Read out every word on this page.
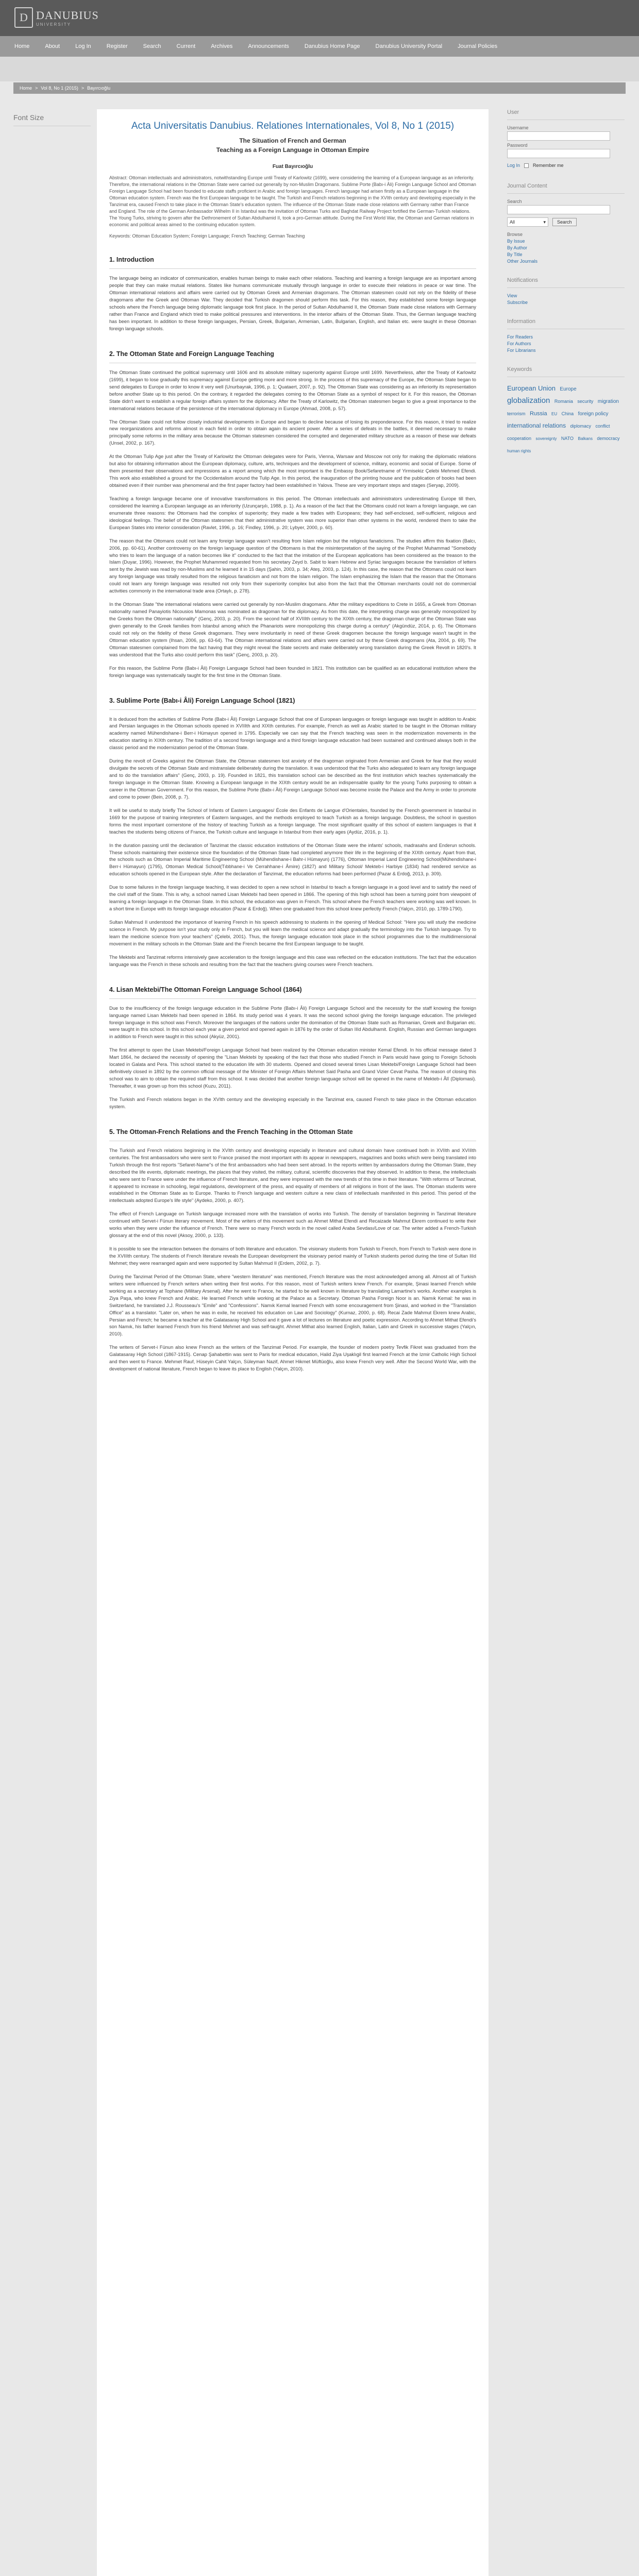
D DANUBIUS
UNIVERSITY
Home	About	Log In	Register	Search	Current	Archives	Announcements	Danubius Home Page	Danubius University Portal	Journal Policies
Home > Vol 8, No 1 (2015) > Bayırcıoğlu
Font Size
Acta Universitatis Danubius. Relationes Internationales, Vol 8, No 1 (2015)
The Situation of French and German
Teaching as a Foreign Language in Ottoman Empire
Fuat Bayırcıoğlu
Abstract: Ottoman intellectuals and administrators, notwithstanding Europe until Treaty of Karlowitz (1699), were considering the learning of a European language as an inferiority. Therefore, the international relations in the Ottoman State were carried out generally by non-Muslim Dragomans. Sublime Porte (Babı-i Âli) Foreign Language School and Ottoman Foreign Language School had been founded to educate staffs proficient in Arabic and foreign languages. French language had arisen firstly as a European language in the Ottoman education system. French was the first European language to be taught. The Turkish and French relations beginning in the XVIth century and developing especially in the Tanzimat era, caused French to take place in the Ottoman State's education system. The influence of the Ottoman State made close relations with Germany rather than France and England. The role of the German Ambassador Wilhelm II in Istanbul was the invitation of Ottoman Turks and Baghdat Railway Project fortified the German-Turkish relations. The Young Turks, striving to govern after the Dethronement of Sultan Abdulhamid II, took a pro-German attitude. During the First World War, the Ottoman and German relations in economic and political areas aimed to the continuing education system.
Keywords: Ottoman Education System; Foreign Language; French Teaching; German Teaching
1. Introduction

The language being an indicator of communication, enables human beings to make each other relations. Teaching and learning a foreign language are as important among people that they can make mutual relations. States like humans communicate mutually through language in order to execute their relations in peace or war time. The Ottoman international relations and affairs were carried out by Ottoman Greek and Armenian dragomans. The Ottoman statesmen could not rely on the fidelity of these dragomans after the Greek and Ottoman War. They decided that Turkish dragomen should perform this task. For this reason, they established some foreign language schools where the French language being diplomatic language took first place. In the period of Sultan Abdulhamid II, the Ottoman State made close relations with Germany rather than France and England which tried to make political pressures and interventions. In the interior affairs of the Ottoman State. Thus, the German language teaching has been important. In addition to these foreign languages, Persian, Greek, Bulgarian, Armenian, Latin, Bulgarian, English, and Italian etc. were taught in these Ottoman foreign language schools.

2. The Ottoman State and Foreign Language Teaching

The Ottoman State continued the political supremacy until 1606 and its absolute military superiority against Europe until 1699. Nevertheless, after the Treaty of Karlowitz (1699), it began to lose gradually this supremacy against Europe getting more and more strong. In the process of this supremacy of the Europe, the Ottoman State began to send delegates to Europe in order to know it very well (Unurbayrak, 1996, p. 1; Quataert, 2007, p. 92). The Ottoman State was considering as an inferiority its representation before another State up to this period. On the contrary, it regarded the delegates coming to the Ottoman State as a symbol of respect for it. For this reason, the Ottoman State didn't want to establish a regular foreign affairs system for the diplomacy. After the Treaty of Karlowitz, the Ottoman statesmen began to give a great importance to the international relations because of the persistence of the international diplomacy in Europe (Ahmad, 2008, p. 57).

The Ottoman State could not follow closely industrial developments in Europe and began to decline because of losing its preponderance. For this reason, it tried to realize new reorganizations and reforms almost in each field in order to obtain again its ancient power. After a series of defeats in the battles, it deemed necessary to make principally some reforms in the military area because the Ottoman statesmen considered the corrupted and degenerated military structure as a reason of these war defeats (Unsel, 2002, p. 167).

At the Ottoman Tulip Age just after the Treaty of Karlowitz the Ottoman delegates were for Paris, Vienna, Warsaw and Moscow not only for making the diplomatic relations but also for obtaining information about the European diplomacy, culture, arts, techniques and the development of science, military, economic and social of Europe. Some of them presented their observations and impressions as a report among which the most important is the Embassy Book/Sefaretname of Yirmisekiz Çelebi Mehmed Efendi. This work also established a ground for the Occidentalism around the Tulip Age. In this period, the inauguration of the printing house and the publication of books had been obtained even if their number was phenomenal and the first paper factory had been established in Yalova. These are very important steps and stages (Seryap, 2009).

Teaching a foreign language became one of innovative transformations in this period. The Ottoman intellectuals and administrators underestimating Europe till then, considered the learning a European language as an inferiority (Uzunçarşılı, 1988, p. 1). As a reason of the fact that the Ottomans could not learn a foreign language, we can enumerate three reasons: the Ottomans had the complex of superiority; they made a few trades with Europeans; they had self-enclosed, self-sufficient, religious and ideological feelings. The belief of the Ottoman statesmen that their administrative system was more superior than other systems in the world, rendered them to take the European States into interior consideration (Ravlet, 1996, p. 16; Findley, 1996, p. 20; Lybyer, 2000, p. 60).

The reason that the Ottomans could not learn any foreign language wasn't resulting from Islam religion but the religious fanaticisms. The studies affirm this fixation (Balcı, 2006, pp. 60-61). Another controversy on the foreign language question of the Ottomans is that the misinterpretation of the saying of the Prophet Muhammad "Somebody who tries to learn the language of a nation becomes like it" conducted to the fact that the imitation of the European applications has been considered as the treason to the Islam (Duyar, 1996). However, the Prophet Muhammed requested from his secretary Zeyd b. Sabit to learn Hebrew and Syriac languages because the translation of letters sent by the Jewish was read by non-Muslims and he learned it in 15 days (Şahin, 2003, p. 34; Ateş, 2003, p. 124). In this case, the reason that the Ottomans could not learn any foreign language was totally resulted from the religious fanaticism and not from the Islam religion. The Islam emphasizing the Islam that the reason that the Ottomans could not learn any foreign language was resulted not only from their superiority complex but also from the fact that the Ottoman merchants could not do commercial activities commonly in the international trade area (Ortaylı, p. 278).

In the Ottoman State "the international relations were carried out generally by non-Muslim dragomans. After the military expeditions to Crete in 1655, a Greek from Ottoman nationality named Panayiotis Nicousios Mamonas was nominated as dragoman for the diplomacy. As from this date, the interpreting charge was generally monopolized by the Greeks from the Ottoman nationality" (Genç, 2003, p. 20). From the second half of XVIIIth century to the XIXth century, the dragoman charge of the Ottoman State was given generally to the Greek families from Istanbul among which the Phanariots were monopolizing this charge during a century" (Akgündüz, 2014, p. 6). The Ottomans could not rely on the fidelity of these Greek dragomans. They were involuntarily in need of these Greek dragomen because the foreign language wasn't taught in the Ottoman education system (Ihsan, 2006, pp. 63-64). The Ottoman international relations and affairs were carried out by these Greek dragomans (Ata, 2004, p. 69). The Ottoman statesmen complained from the fact having that they might reveal the State secrets and make deliberately wrong translation during the Greek Revolt in 1820's. It was understood that the Turks also could perform this task" (Genç, 2003, p. 20).

For this reason, the Sublime Porte (Babı-i Âli) Foreign Language School had been founded in 1821. This institution can be qualified as an educational institution where the foreign language was systematically taught for the first time in the Ottoman State.

3. Sublime Porte (Babı-i Âli) Foreign Language School (1821)

It is deduced from the activities of Sublime Porte (Babı-i Âli) Foreign Language School that one of European languages or foreign language was taught in addition to Arabic and Persian languages in the Ottoman schools opened in XVIIIth and XIXth centuries. For example, French as well as Arabic started to be taught in the Ottoman military academy named Mühendishane-i Berr-i Hümayun opened in 1795. Especially we can say that the French teaching was seen in the modernization movements in the education starting in XIXth century. The tradition of a second foreign language and a third foreign language education had been sustained and continued always both in the classic period and the modernization period of the Ottoman State.

During the revolt of Greeks against the Ottoman State, the Ottoman statesmen lost anxiety of the dragoman originated from Armenian and Greek for fear that they would divulgate the secrets of the Ottoman State and mistranslate deliberately during the translation. It was understood that the Turks also adequated to learn any foreign language and to do the translation affairs" (Genç, 2003, p. 19). Founded in 1821, this translation school can be described as the first institution which teaches systematically the foreign language in the Ottoman State. Knowing a European language in the XIXth century would be an indispensable quality for the young Turks purposing to obtain a career in the Ottoman Government. For this reason, the Sublime Porte (Babı-i Âli) Foreign Language School was become inside the Palace and the Army in order to promote and come to power (Bein, 2008, p. 7).

It will be useful to study briefly The School of Infants of Eastern Languages/ École des Enfants de Langue d'Orientales, founded by the French government in Istanbul in 1669 for the purpose of training interpreters of Eastern languages, and the methods employed to teach Turkish as a foreign language. Doubtless, the school in question forms the most important cornerstone of the history of teaching Turkish as a foreign language. The most significant quality of this school of eastern languages is that it teaches the students being citizens of France, the Turkish culture and language in Istanbul from their early ages (Aydüz, 2016, p. 1).

In the duration passing until the declaration of Tanzimat the classic education institutions of the Ottoman State were the infants' schools, madrasahs and Enderun schools. These schools maintaining their existence since the foundation of the Ottoman State had completed anymore their life in the beginning of the XIXth century. Apart from that, the schools such as Ottoman Imperial Maritime Engineering School (Mühendishane-i Bahr-i Hümayun) (1776), Ottoman Imperial Land Engineering School(Mühendishane-i Berr-i Hümayun) (1795), Ottoman Medical School(Tıbbhane-i Ve Cerrahhane-i Âmire) (1827) and Military School/ Mekteb-i Harbiye (1834) had rendered service as education schools opened in the European style. After the declaration of Tanzimat, the education reforms had been performed (Pazar & Erdoğ, 2013, p. 309).

Due to some failures in the foreign language teaching, it was decided to open a new school in Istanbul to teach a foreign language in a good level and to satisfy the need of the civil staff of the State. This is why, a school named Lisan Mektebi had been opened in 1866. The opening of this high school has been a turning point from viewpoint of learning a foreign language in the Ottoman State. In this school, the education was given in French. This school where the French teachers were working was well known. In a short time in Europe with its foreign language education (Pazar & Erdoğ). When one graduated from this school knew perfectly French (Yalçın, 2010, pp. 1789-1790).

Sultan Mahmud II understood the importance of learning French in his speech addressing to students in the opening of Medical School: "Here you will study the medicine science in French. My purpose isn't your study only in French, but you will learn the medical science and adapt gradually the terminology into the Turkish language. Try to learn the medicine science from your teachers" (Çelebi, 2001). Thus, the foreign language education took place in the school programmes due to the multidimensional movement in the military schools in the Ottoman State and the French became the first European language to be taught.

The Mektebi and Tanzimat reforms intensively gave acceleration to the foreign language and this case was reflected on the education institutions. The fact that the education language was the French in these schools and resulting from the fact that the teachers giving courses were French teachers.

4. Lisan Mektebi/The Ottoman Foreign Language School (1864)

Due to the insufficiency of the foreign language education in the Sublime Porte (Babı-i Âli) Foreign Language School and the necessity for the staff knowing the foreign language named Lisan Mektebi had been opened in 1864. Its study period was 4 years. It was the second school giving the foreign language education. The privileged foreign language in this school was French. Moreover the languages of the nations under the domination of the Ottoman State such as Romanian, Greek and Bulgarian etc. were taught in this school. In this school each year a given period and opened again in 1876 by the order of Sultan IIId Abdulhamit. English, Russian and German languages in addition to French were taught in this school (Akyüz, 2001).

The first attempt to open the Lisan Mektebi/Foreign Language School had been realized by the Ottoman education minister Kemal Efendi. In his official message dated 3 Mart 1864, he declared the necessity of opening the "Lisan Mektebi by speaking of the fact that those who studied French in Paris would have going to Foreign Schools located in Galata and Pera. This school started to the education life with 30 students. Opened and closed several times Lisan Mektebi/Foreign Language School had been definitively closed in 1892 by the common official message of the Minister of Foreign Affairs Mehmet Said Pasha and Grand Vizier Cevat Pasha. The reason of closing this school was to aim to obtain the required staff from this school. It was decided that another foreign language school will be opened in the name of Mekteb-i Âlî (Diplomasi). Thereafter, it was grown up from this school (Kuzu, 2011).

The Turkish and French relations began in the XVIth century and the developing especially in the Tanzimat era, caused French to take place in the Ottoman education system.

5. The Ottoman-French Relations and the French Teaching in the Ottoman State

The Turkish and French relations beginning in the XVIth century and developing especially in literature and cultural domain have continued both in XVIIth and XVIIIth centuries. The first ambassadors who were sent to France praised the most important with its appear in newspapers, magazines and books which were being translated into Turkish through the first reports "Sefaret-Name"s of the first ambassadors who had been sent abroad. In the reports written by ambassadors during the Ottoman State, they described the life events, diplomatic meetings, the places that they visited, the military, cultural, scientific discoveries that they observed. In addition to these, the intellectuals who were sent to France were under the influence of French literature, and they were impressed with the new trends of this time in their literature. "With reforms of Tanzimat, it appeared to increase in schooling, legal regulations, development of the press, and equality of members of all religions in front of the laws. The Ottoman students were established in the Ottoman State as to Europe. Thanks to French language and western culture a new class of intellectuals manifested in this period. This period of the intellectuals adopted Europe's life style" (Aydeko, 2000, p. 407).

The effect of French Language on Turkish language increased more with the translation of works into Turkish. The density of translation beginning in Tanzimat literature continued with Servet-i Fünun literary movement. Most of the writers of this movement such as Ahmet Mithat Efendi and Recaizade Mahmut Ekrem continued to write their works when they were under the influence of French. There were so many French words in the novel called Araba Sevdası/Love of car. The writer added a French-Turkish glossary at the end of this novel (Aksoy, 2000, p. 133).

It is possible to see the interaction between the domains of both literature and education. The visionary students from Turkish to French, from French to Turkish were done in the XVIIIth century. The students of French literature reveals the European development the visionary period mainly of Turkish students period during the time of Sultan IIId Mehmet; they were rearranged again and were supported by Sultan Mahmud II (Erdem, 2002, p. 7).

During the Tanzimat Period of the Ottoman State, where "western literature" was mentioned, French literature was the most acknowledged among all. Almost all of Turkish writers were influenced by French writers when writing their first works. For this reason, most of Turkish writers knew French. For example, Şinasi learned French while working as a secretary at Tophane (Military Arsenal). After he went to France, he started to be well known in literature by translating Lamartine's works. Another examples is Ziya Paşa, who knew French and Arabic. He learned French while working at the Palace as a Secretary. Ottoman Pasha Foreign Noor is an. Namık Kemal: he was in Switzerland, he translated J.J. Rousseau's "Emile" and "Confessions". Namık Kemal learned French with some encouragement from Şinasi, and worked in the "Translation Office" as a translator. "Later on, when he was in exile, he received his education on Law and Sociology" (Kurnaz, 2000, p. 68). Recai Zade Mahmut Ekrem knew Arabic, Persian and French; he became a teacher at the Galatasaray High School and it gave a lot of lectures on literature and poetic expression. According to Ahmet Mithat Efendi's son Namık, his father learned French from his friend Mehmet and was self-taught. Ahmet Mithat also learned English, Italian, Latin and Greek in successive stages (Yalçın, 2010).

The writers of Servet-i Fünun also knew French as the writers of the Tanzimat Period. For example, the founder of modern poetry Tevfik Fikret was graduated from the Galatasaray High School (1867-1915). Cenap Şahabettin was sent to Paris for medical education, Halid Ziya Uşaklıgil first learned French at the Izmir Catholic High School and then went to France. Mehmet Rauf, Hüseyin Cahit Yalçın, Süleyman Nazif, Ahmet Hikmet Müftüoğlu, also knew French very well. After the Second World War, with the development of national literature, French began to leave its place to English (Yalçın, 2010).

User
Username
Password
Log In	Remember me
Journal Content
Search
All	▾	Search
Browse
By Issue
By Author
By Title
Other Journals
Notifications
View
Subscribe
Information
For Readers
For Authors
For Librarians
Keywords
European Union Europe globalization Romania security migration terrorism Russia EU China foreign policy international relations diplomacy conflict cooperation sovereignty NATO Balkans democracy human rights
